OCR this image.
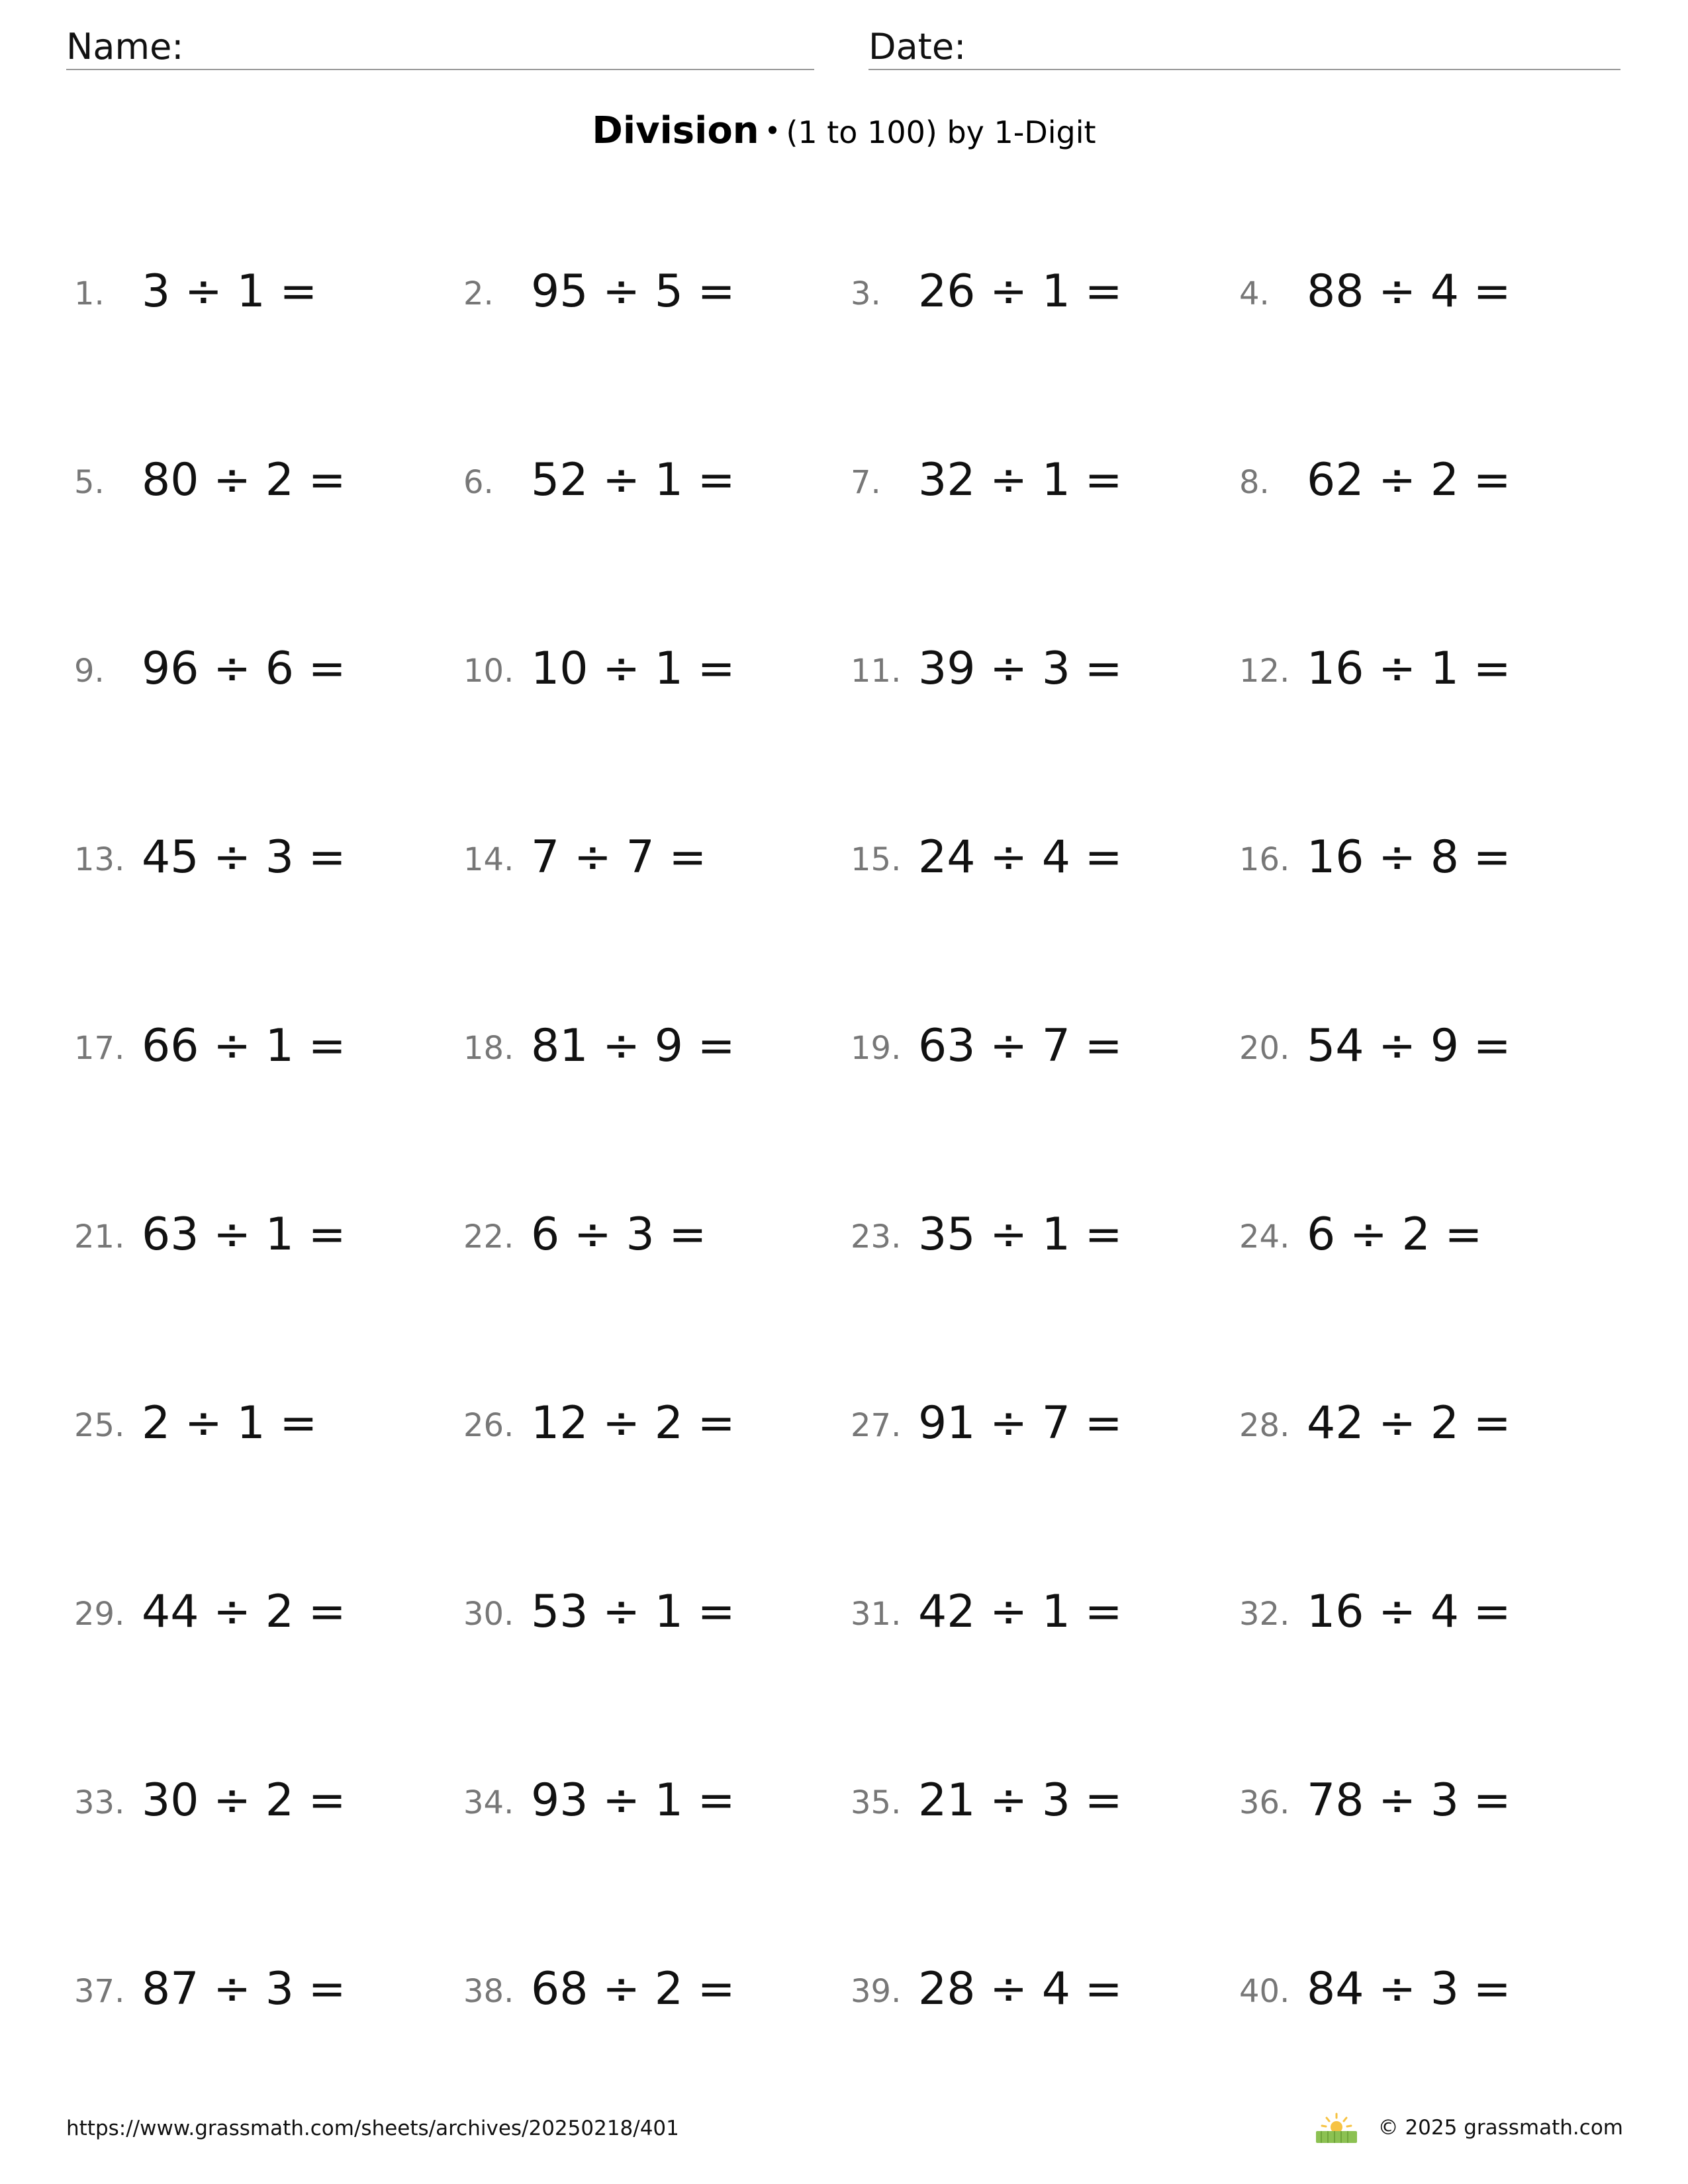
Name:	Date:
Division • (1 to 100) by 1-Digit
1. 3 ÷ 1 =	2. 95 ÷ 5 =	3. 26 ÷ 1 =	4. 88 ÷ 4 =
5. 80 ÷ 2 =	6. 52 ÷ 1 =	7. 32 ÷ 1 =	8. 62 ÷ 2 =
9. 96 ÷ 6 =	10. 10 ÷ 1 =	11. 39 ÷ 3 =	12. 16 ÷ 1 =
13. 45 ÷ 3 =	14. 7 ÷ 7 =	15. 24 ÷ 4 =	16. 16 ÷ 8 =
17. 66 ÷ 1 =	18. 81 ÷ 9 =	19. 63 ÷ 7 =	20. 54 ÷ 9 =
21. 63 ÷ 1 =	22. 6 ÷ 3 =	23. 35 ÷ 1 =	24. 6 ÷ 2 =
25. 2 ÷ 1 =	26. 12 ÷ 2 =	27. 91 ÷ 7 =	28. 42 ÷ 2 =
29. 44 ÷ 2 =	30. 53 ÷ 1 =	31. 42 ÷ 1 =	32. 16 ÷ 4 =
33. 30 ÷ 2 =	34. 93 ÷ 1 =	35. 21 ÷ 3 =	36. 78 ÷ 3 =
37. 87 ÷ 3 =	38. 68 ÷ 2 =	39. 28 ÷ 4 =	40. 84 ÷ 3 =
https://www.grassmath.com/sheets/archives/20250218/401	© 2025 grassmath.com
